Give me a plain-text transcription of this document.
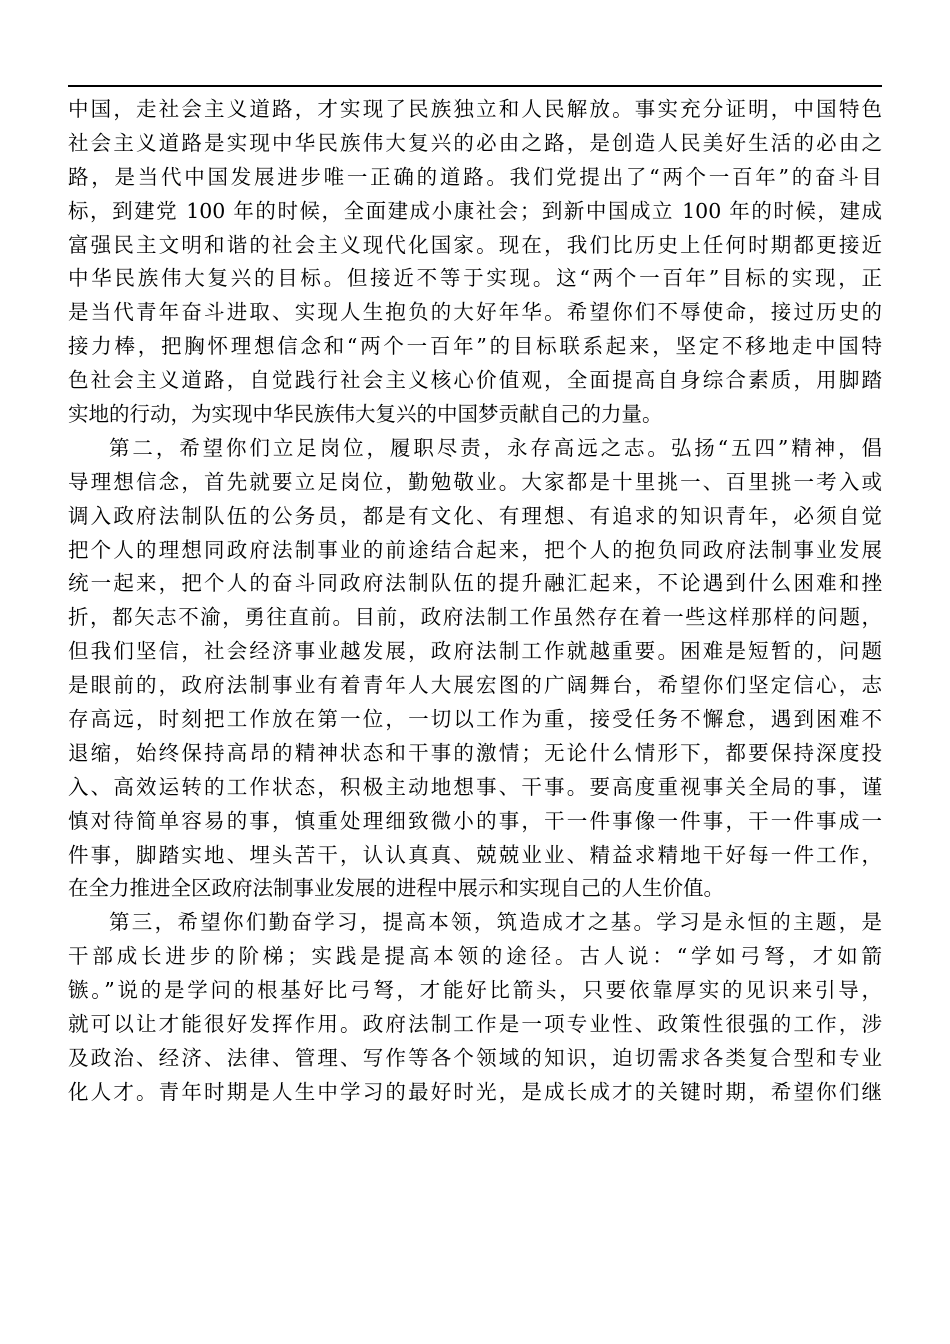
中国，走社会主义道路，才实现了民族独立和人民解放。事实充分证明，中国特色
社会主义道路是实现中华民族伟大复兴的必由之路，是创造人民美好生活的必由之
路，是当代中国发展进步唯一正确的道路。我们党提出了“两个一百年”的奋斗目
标，到建党 100 年的时候，全面建成小康社会；到新中国成立 100 年的时候，建成
富强民主文明和谐的社会主义现代化国家。现在，我们比历史上任何时期都更接近
中华民族伟大复兴的目标。但接近不等于实现。这“两个一百年”目标的实现，正
是当代青年奋斗进取、实现人生抱负的大好年华。希望你们不辱使命，接过历史的
接力棒，把胸怀理想信念和“两个一百年”的目标联系起来，坚定不移地走中国特
色社会主义道路，自觉践行社会主义核心价值观，全面提高自身综合素质，用脚踏
实地的行动，为实现中华民族伟大复兴的中国梦贡献自己的力量。
第二，希望你们立足岗位，履职尽责，永存高远之志。弘扬“五四”精神，倡
导理想信念，首先就要立足岗位，勤勉敬业。大家都是十里挑一、百里挑一考入或
调入政府法制队伍的公务员，都是有文化、有理想、有追求的知识青年，必须自觉
把个人的理想同政府法制事业的前途结合起来，把个人的抱负同政府法制事业发展
统一起来，把个人的奋斗同政府法制队伍的提升融汇起来，不论遇到什么困难和挫
折，都矢志不渝，勇往直前。目前，政府法制工作虽然存在着一些这样那样的问题，
但我们坚信，社会经济事业越发展，政府法制工作就越重要。困难是短暂的，问题
是眼前的，政府法制事业有着青年人大展宏图的广阔舞台，希望你们坚定信心，志
存高远，时刻把工作放在第一位，一切以工作为重，接受任务不懈怠，遇到困难不
退缩，始终保持高昂的精神状态和干事的激情；无论什么情形下，都要保持深度投
入、高效运转的工作状态，积极主动地想事、干事。要高度重视事关全局的事，谨
慎对待简单容易的事，慎重处理细致微小的事，干一件事像一件事，干一件事成一
件事，脚踏实地、埋头苦干，认认真真、兢兢业业、精益求精地干好每一件工作，
在全力推进全区政府法制事业发展的进程中展示和实现自己的人生价值。
第三，希望你们勤奋学习，提高本领，筑造成才之基。学习是永恒的主题，是
干部成长进步的阶梯；实践是提高本领的途径。古人说：“学如弓弩，才如箭
镞。”说的是学问的根基好比弓弩，才能好比箭头，只要依靠厚实的见识来引导，
就可以让才能很好发挥作用。政府法制工作是一项专业性、政策性很强的工作，涉
及政治、经济、法律、管理、写作等各个领域的知识，迫切需求各类复合型和专业
化人才。青年时期是人生中学习的最好时光，是成长成才的关键时期，希望你们继
